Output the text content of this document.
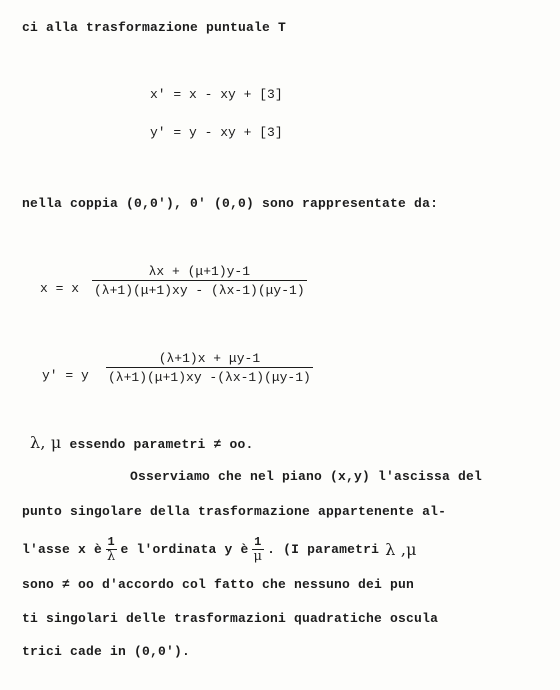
ci alla trasformazione puntuale T
x' = x - xy + [3]
y' = y - xy + [3]
nella coppia (0,0'), 0' (0,0) sono rappresentate da:
x = x $\frac{\lambda x + (\mu+1)y-1}{(\lambda+1)(\mu+1)xy - (\lambda x-1)(\mu y-1)}$
y' = y $\frac{(\lambda+1)x + \mu y-1}{(\lambda+1)(\mu+1)xy -(\lambda x-1)(\mu y-1)}$
λ, μ essendo parametri ≠ oo.
Osserviamo che nel piano (x,y) l'ascissa del
punto singolare della trasformazione appartenente al-
l'asse x è $\frac{1}{\lambda}$ e l'ordinata y è $\frac{1}{\mu}$ . (I parametri λ ,μ
sono ≠ oo d'accordo col fatto che nessuno dei pun
ti singolari delle trasformazioni quadratiche oscula
trici cade in (0,0').
